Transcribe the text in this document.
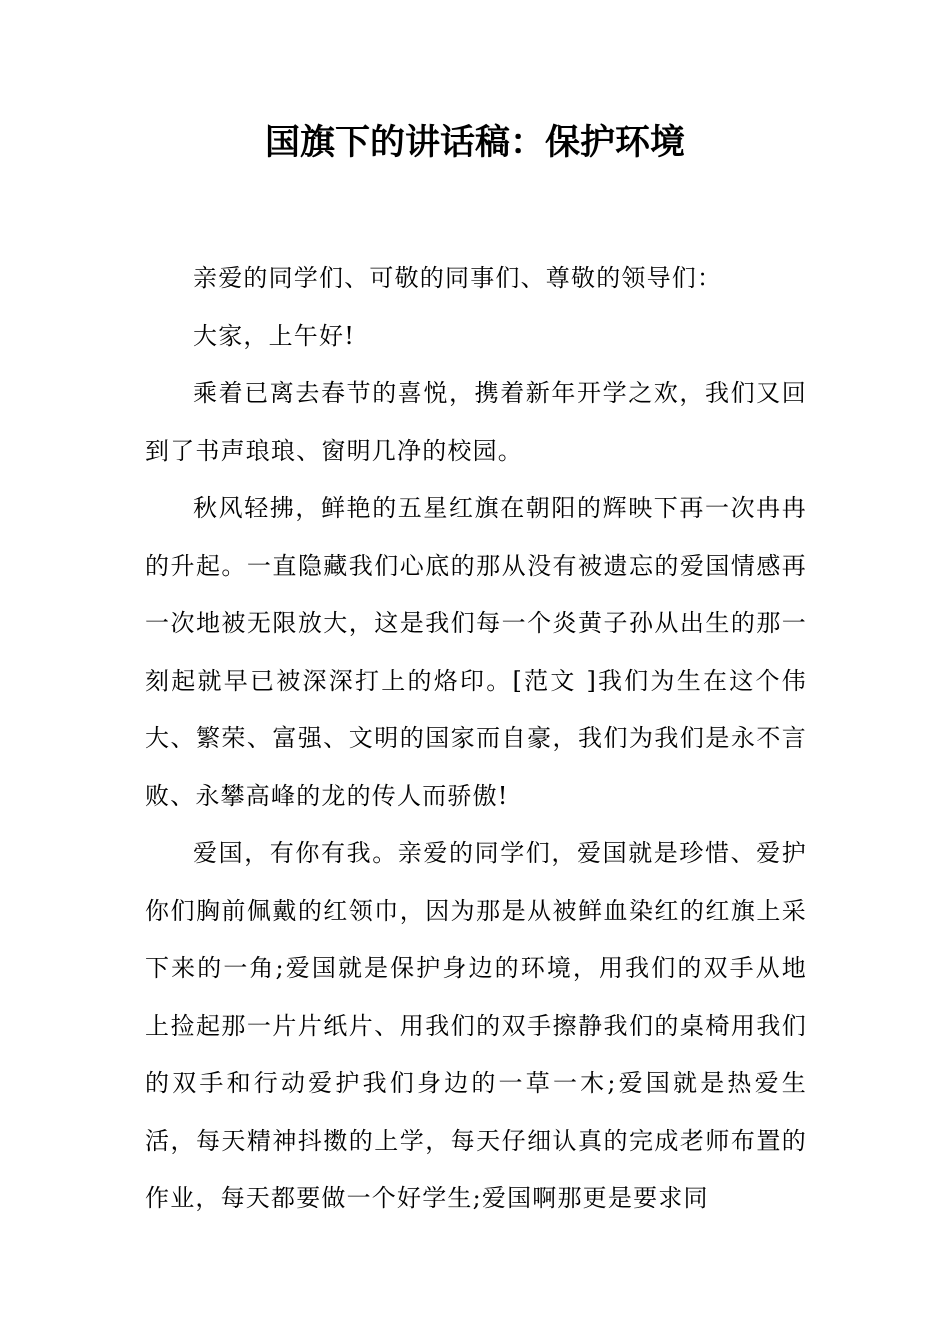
国旗下的讲话稿：保护环境

亲爱的同学们、可敬的同事们、尊敬的领导们：

大家，上午好!

乘着已离去春节的喜悦，携着新年开学之欢，我们又回到了书声琅琅、窗明几净的校园。

秋风轻拂，鲜艳的五星红旗在朝阳的辉映下再一次冉冉的升起。一直隐藏我们心底的那从没有被遗忘的爱国情感再一次地被无限放大，这是我们每一个炎黄子孙从出生的那一刻起就早已被深深打上的烙印。[范文 ]我们为生在这个伟大、繁荣、富强、文明的国家而自豪，我们为我们是永不言败、永攀高峰的龙的传人而骄傲!

爱国，有你有我。亲爱的同学们，爱国就是珍惜、爱护你们胸前佩戴的红领巾，因为那是从被鲜血染红的红旗上采下来的一角;爱国就是保护身边的环境，用我们的双手从地上捡起那一片片纸片、用我们的双手擦静我们的桌椅用我们的双手和行动爱护我们身边的一草一木;爱国就是热爱生活，每天精神抖擞的上学，每天仔细认真的完成老师布置的作业，每天都要做一个好学生;爱国啊那更是要求同
